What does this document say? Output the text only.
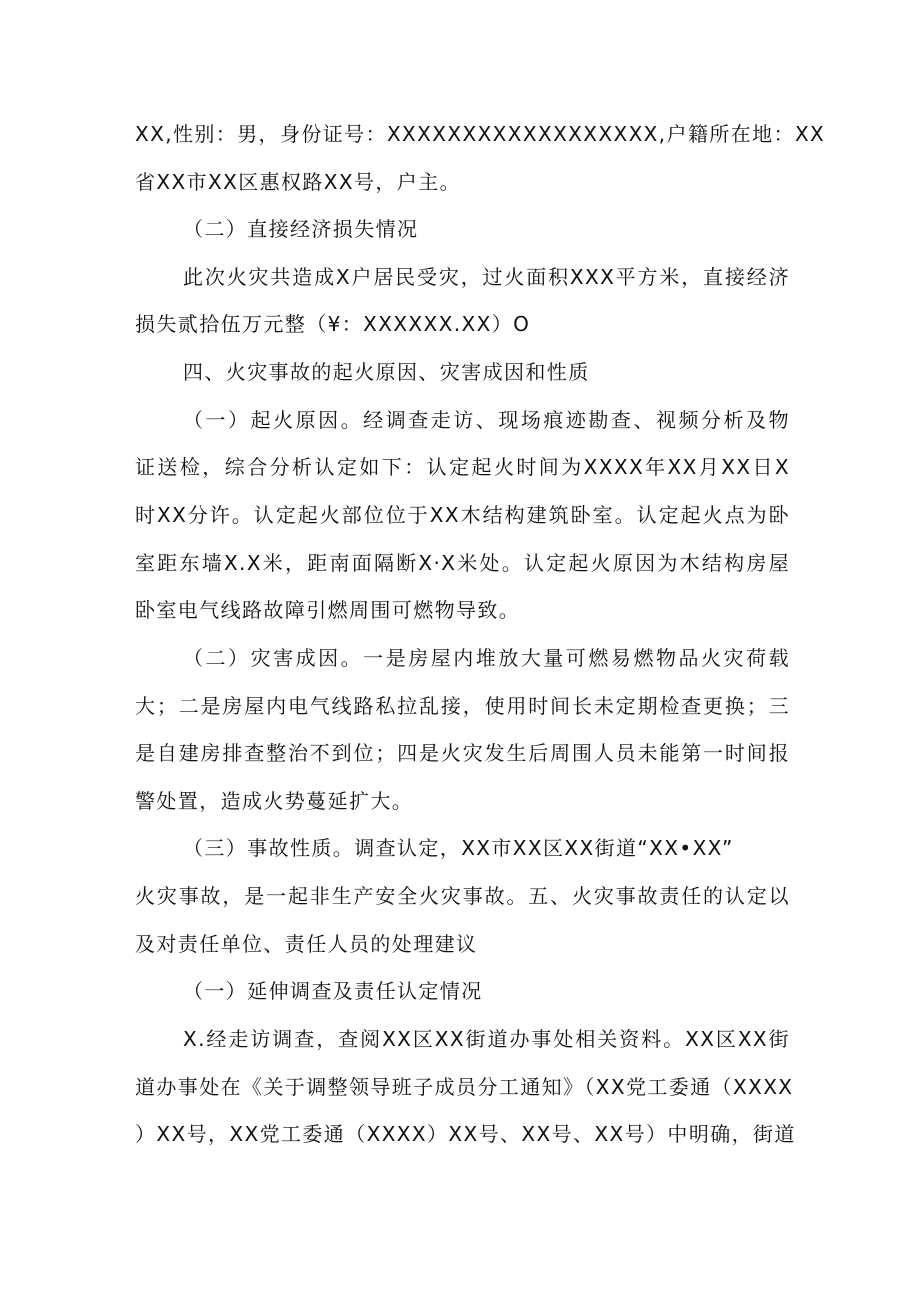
XX,性别：男，身份证号：XXXXXXXXXXXXXXXXXX,户籍所在地：XX
省XX市XX区惠权路XX号，户主。
（二）直接经济损失情况
此次火灾共造成X户居民受灾，过火面积XXX平方米，直接经济
损失贰拾伍万元整（¥：XXXXXX.XX）O
四、火灾事故的起火原因、灾害成因和性质
（一）起火原因。经调查走访、现场痕迹勘查、视频分析及物
证送检，综合分析认定如下：认定起火时间为XXXX年XX月XX日X
时XX分许。认定起火部位位于XX木结构建筑卧室。认定起火点为卧
室距东墙X.X米，距南面隔断X·X米处。认定起火原因为木结构房屋
卧室电气线路故障引燃周围可燃物导致。
（二）灾害成因。一是房屋内堆放大量可燃易燃物品火灾荷载
大；二是房屋内电气线路私拉乱接，使用时间长未定期检查更换；三
是自建房排查整治不到位；四是火灾发生后周围人员未能第一时间报
警处置，造成火势蔓延扩大。
（三）事故性质。调查认定，XX市XX区XX街道“XX•XX”
火灾事故，是一起非生产安全火灾事故。五、火灾事故责任的认定以
及对责任单位、责任人员的处理建议
（一）延伸调查及责任认定情况
X.经走访调查，查阅XX区XX街道办事处相关资料。XX区XX街
道办事处在《关于调整领导班子成员分工通知》（XX党工委通（XXXX
）XX号，XX党工委通（XXXX）XX号、XX号、XX号）中明确，街道
